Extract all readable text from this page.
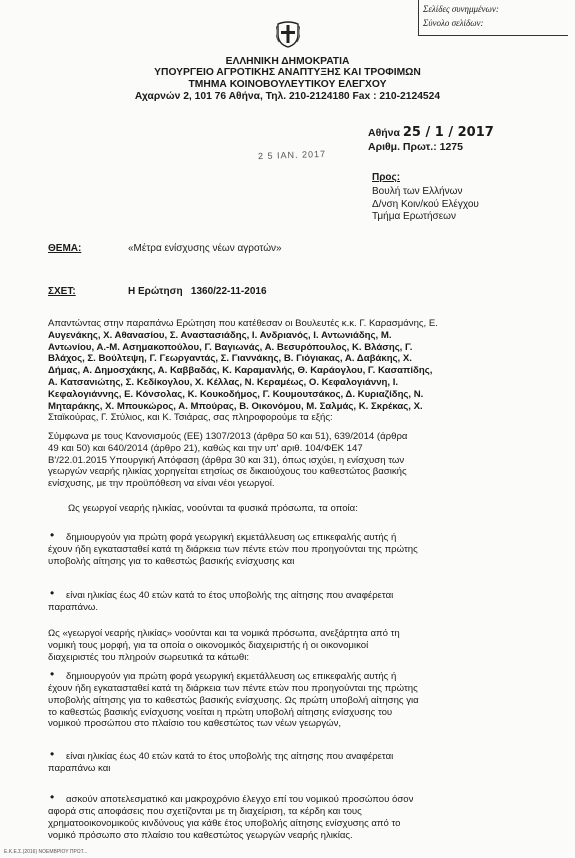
Σελίδες συνημμένων:
Σύνολο σελίδων:
ΕΛΛΗΝΙΚΗ ΔΗΜΟΚΡΑΤΙΑ
ΥΠΟΥΡΓΕΙΟ ΑΓΡΟΤΙΚΗΣ ΑΝΑΠΤΥΞΗΣ ΚΑΙ ΤΡΟΦΙΜΩΝ
ΤΜΗΜΑ ΚΟΙΝΟΒΟΥΛΕΥΤΙΚΟΥ ΕΛΕΓΧΟΥ
Αχαρνών 2, 101 76 Αθήνα, Τηλ. 210-2124180 Fax : 210-2124524
Αθήνα 25 / 1 / 2017
Αριθμ. Πρωτ.: 1275
2 5 ΙΑΝ. 2017
Προς:
Βουλή των Ελλήνων
Δ/νση Κοιν/κού Ελέγχου
Τμήμα Ερωτήσεων
ΘΕΜΑ:	«Μέτρα ενίσχυσης νέων αγροτών»
ΣΧΕΤ:	Η Ερώτηση   1360/22-11-2016
Απαντώντας στην παραπάνω Ερώτηση που κατέθεσαν οι Βουλευτές κ.κ. Γ. Καρασμάνης, Ε.
Αυγενάκης, Χ. Αθανασίου, Σ. Αναστασιάδης, Ι. Ανδριανός, Ι. Αντωνιάδης, Μ.
Αντωνίου, Α.-Μ. Ασημακοπούλου, Γ. Βαγιωνάς, Α. Βεσυρόπουλος, Κ. Βλάσης, Γ.
Βλάχος, Σ. Βούλτεψη, Γ. Γεωργαντάς, Σ. Γιαννάκης, Β. Γιόγιακας, Α. Δαβάκης, Χ.
Δήμας, Α. Δημοσχάκης, Α. Καββαδάς, Κ. Καραμανλής, Θ. Καράογλου, Γ. Κασαπίδης,
Α. Κατσανιώτης, Σ. Κεδίκογλου, Χ. Κέλλας, Ν. Κεραμέως, Ο. Κεφαλογιάννη, Ι.
Κεφαλογιάννης, Ε. Κόνσολας, Κ. Κουκοδήμος, Γ. Κουμουτσάκος, Δ. Κυριαζίδης, Ν.
Μηταράκης, Χ. Μπουκώρος, Α. Μπούρας, Β. Οικονόμου, Μ. Σαλμάς, Κ. Σκρέκας, Χ.
Σταϊκούρας, Γ. Στύλιος, και Κ. Τσιάρας, σας πληροφορούμε τα εξής:
Σύμφωνα με τους Κανονισμούς (ΕΕ) 1307/2013 (άρθρα 50 και 51), 639/2014 (άρθρα
49 και 50) και 640/2014 (άρθρο 21), καθώς και την υπ' αριθ. 104/ΦΕΚ 147
Β'/22.01.2015 Υπουργική Απόφαση (άρθρα 30 και 31), όπως ισχύει, η ενίσχυση των
γεωργών νεαρής ηλικίας χορηγείται ετησίως σε δικαιούχους του καθεστώτος βασικής
ενίσχυσης, με την προϋπόθεση να είναι νέοι γεωργοί.
Ως γεωργοί νεαρής ηλικίας, νοούνται τα φυσικά πρόσωπα, τα οποία:
• δημιουργούν για πρώτη φορά γεωργική εκμετάλλευση ως επικεφαλής αυτής ή
έχουν ήδη εγκατασταθεί κατά τη διάρκεια των πέντε ετών που προηγούνται της πρώτης
υποβολής αίτησης για το καθεστώς βασικής ενίσχυσης και
• είναι ηλικίας έως 40 ετών κατά το έτος υποβολής της αίτησης που αναφέρεται
παραπάνω.
Ως «γεωργοί νεαρής ηλικίας» νοούνται και τα νομικά πρόσωπα, ανεξάρτητα από τη
νομική τους μορφή, για τα οποία ο οικονομικός διαχειριστής ή οι οικονομικοί
διαχειριστές του πληρούν σωρευτικά τα κάτωθι:
• δημιουργούν για πρώτη φορά γεωργική εκμετάλλευση ως επικεφαλής αυτής ή
έχουν ήδη εγκατασταθεί κατά τη διάρκεια των πέντε ετών που προηγούνται της πρώτης
υποβολής αίτησης για το καθεστώς βασικής ενίσχυσης. Ως πρώτη υποβολή αίτησης για
το καθεστώς βασικής ενίσχυσης νοείται η πρώτη υποβολή αίτησης ενίσχυσης του
νομικού προσώπου στο πλαίσιο του καθεστώτος των νέων γεωργών,
• είναι ηλικίας έως 40 ετών κατά το έτος υποβολής της αίτησης που αναφέρεται
παραπάνω και
• ασκούν αποτελεσματικό και μακροχρόνιο έλεγχο επί του νομικού προσώπου όσον
αφορά στις αποφάσεις που σχετίζονται με τη διαχείριση, τα κέρδη και τους
χρηματοοικονομικούς κινδύνους για κάθε έτος υποβολής αίτησης ενίσχυσης από το
νομικό πρόσωπο στο πλαίσιο του καθεστώτος γεωργών νεαρής ηλικίας.
Ε.Κ.Ε.Σ.(2016) ΝΟΕΜΒΡΙΟΥ ΠΡΩΤ...
